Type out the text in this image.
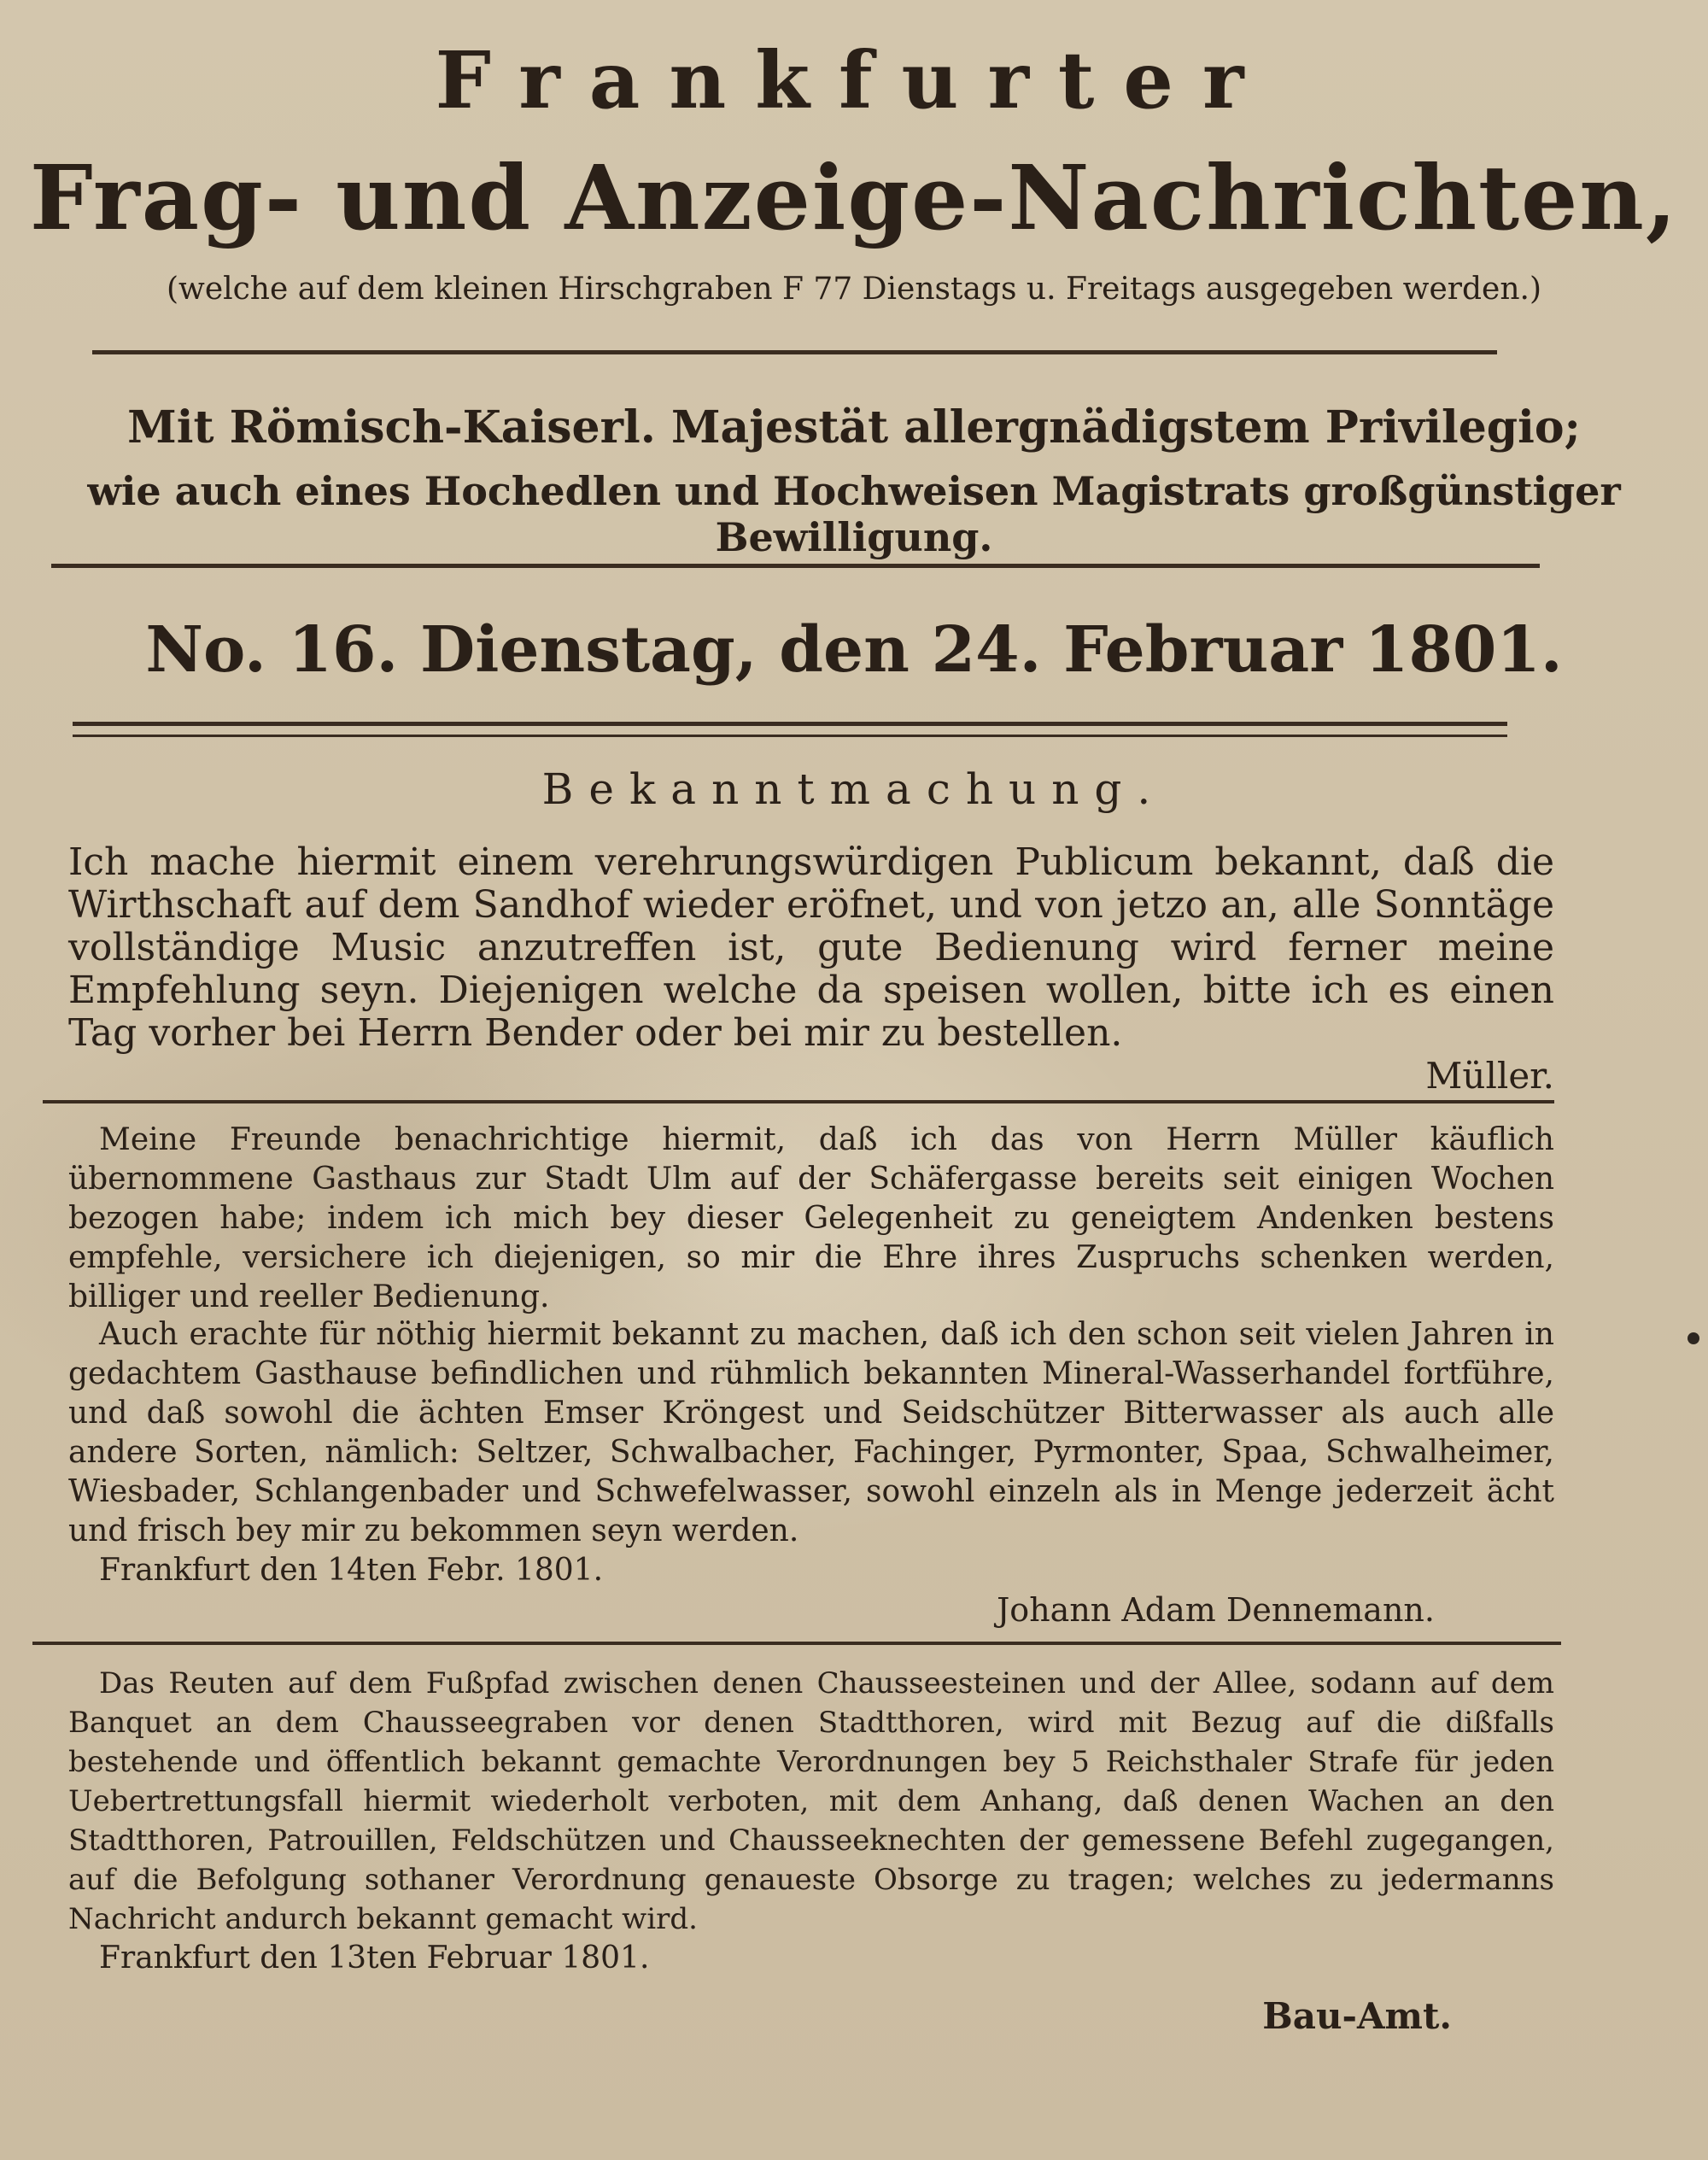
Frankfurter
Frag- und Anzeige-Nachrichten,
(welche auf dem kleinen Hirschgraben F 77 Dienstags u. Freitags ausgegeben werden.)
Mit Römisch-Kaiserl. Majestät allergnädigstem Privilegio;
wie auch eines Hochedlen und Hochweisen Magistrats großgünstiger Bewilligung.
No. 16. Dienstag, den 24. Februar 1801.
Bekanntmachung.
Ich mache hiermit einem verehrungswürdigen Publicum bekannt, daß die Wirthschaft auf dem Sandhof wieder eröfnet, und von jetzo an, alle Sonntäge vollständige Music anzutreffen ist, gute Bedienung wird ferner meine Empfehlung seyn. Diejenigen welche da speisen wollen, bitte ich es einen Tag vorher bei Herrn Bender oder bei mir zu bestellen.
Müller.

Meine Freunde benachrichtige hiermit, daß ich das von Herrn Müller käuflich übernommene Gasthaus zur Stadt Ulm auf der Schäfergasse bereits seit einigen Wochen bezogen habe; indem ich mich bey dieser Gelegenheit zu geneigtem Andenken bestens empfehle, versichere ich diejenigen, so mir die Ehre ihres Zuspruchs schenken werden, billiger und reeller Bedienung.

Auch erachte für nöthig hiermit bekannt zu machen, daß ich den schon seit vielen Jahren in gedachtem Gasthause befindlichen und rühmlich bekannten Mineral-Wasserhandel fortführe, und daß sowohl die ächten Emser Kröngest und Seidschützer Bitterwasser als auch alle andere Sorten, nämlich: Seltzer, Schwalbacher, Fachinger, Pyrmonter, Spaa, Schwalheimer, Wiesbader, Schlangenbader und Schwefelwasser, sowohl einzeln als in Menge jederzeit ächt und frisch bey mir zu bekommen seyn werden.

Frankfurt den 14ten Febr. 1801.
Johann Adam Dennemann.

Das Reuten auf dem Fußpfad zwischen denen Chausseesteinen und der Allee, sodann auf dem Banquet an dem Chausseegraben vor denen Stadtthoren, wird mit Bezug auf die dißfalls bestehende und öffentlich bekannt gemachte Verordnungen bey 5 Reichsthaler Strafe für jeden Uebertrettungsfall hiermit wiederholt verboten, mit dem Anhang, daß denen Wachen an den Stadtthoren, Patrouillen, Feldschützen und Chausseeknechten der gemessene Befehl zugegangen, auf die Befolgung sothaner Verordnung genaueste Obsorge zu tragen; welches zu jedermanns Nachricht andurch bekannt gemacht wird.

Frankfurt den 13ten Februar 1801.
Bau-Amt.
